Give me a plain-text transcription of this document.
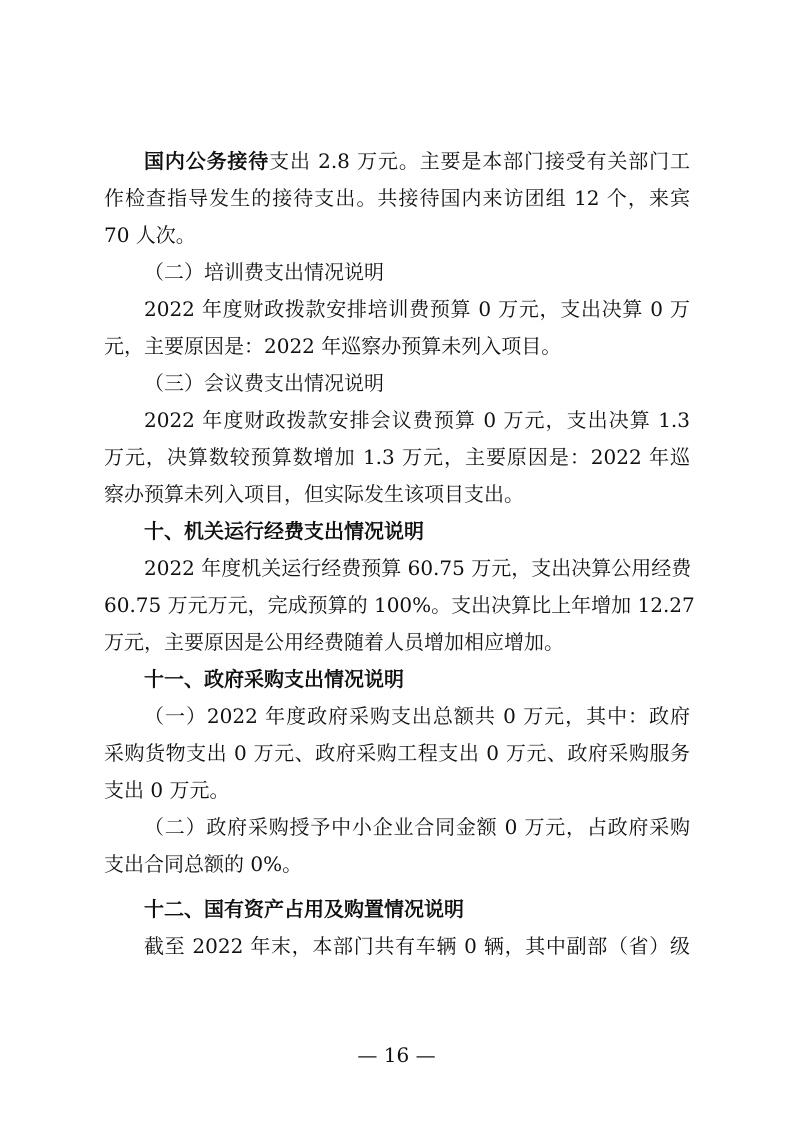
国内公务接待支出 2.8 万元。主要是本部门接受有关部门工
作检查指导发生的接待支出。共接待国内来访团组 12 个，来宾
70 人次。
（二）培训费支出情况说明
2022 年度财政拨款安排培训费预算 0 万元，支出决算 0 万
元，主要原因是：2022 年巡察办预算未列入项目。
（三）会议费支出情况说明
2022 年度财政拨款安排会议费预算 0 万元，支出决算 1.3
万元，决算数较预算数增加 1.3 万元，主要原因是：2022 年巡
察办预算未列入项目，但实际发生该项目支出。
十、机关运行经费支出情况说明
2022 年度机关运行经费预算 60.75 万元，支出决算公用经费
60.75 万元万元，完成预算的 100%。支出决算比上年增加 12.27
万元，主要原因是公用经费随着人员增加相应增加。
十一、政府采购支出情况说明
（一）2022 年度政府采购支出总额共 0 万元，其中：政府
采购货物支出 0 万元、政府采购工程支出 0 万元、政府采购服务
支出 0 万元。
（二）政府采购授予中小企业合同金额 0 万元，占政府采购
支出合同总额的 0%。
十二、国有资产占用及购置情况说明
截至 2022 年末，本部门共有车辆 0 辆，其中副部（省）级
— 16 —
